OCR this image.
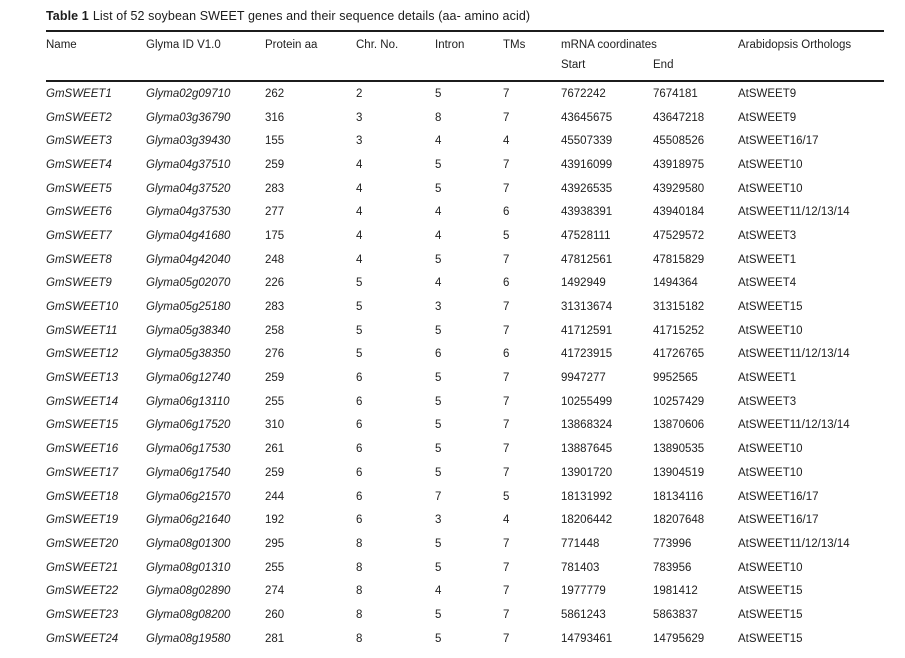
Table 1 List of 52 soybean SWEET genes and their sequence details (aa- amino acid)
Name	Glyma ID V1.0	Protein aa	Chr. No.	Intron	TMs	mRNA coordinates		Arabidopsis Orthologs
						Start	End	
GmSWEET1	Glyma02g09710	262	2	5	7	7672242	7674181	AtSWEET9
GmSWEET2	Glyma03g36790	316	3	8	7	43645675	43647218	AtSWEET9
GmSWEET3	Glyma03g39430	155	3	4	4	45507339	45508526	AtSWEET16/17
GmSWEET4	Glyma04g37510	259	4	5	7	43916099	43918975	AtSWEET10
GmSWEET5	Glyma04g37520	283	4	5	7	43926535	43929580	AtSWEET10
GmSWEET6	Glyma04g37530	277	4	4	6	43938391	43940184	AtSWEET11/12/13/14
GmSWEET7	Glyma04g41680	175	4	4	5	47528111	47529572	AtSWEET3
GmSWEET8	Glyma04g42040	248	4	5	7	47812561	47815829	AtSWEET1
GmSWEET9	Glyma05g02070	226	5	4	6	1492949	1494364	AtSWEET4
GmSWEET10	Glyma05g25180	283	5	3	7	31313674	31315182	AtSWEET15
GmSWEET11	Glyma05g38340	258	5	5	7	41712591	41715252	AtSWEET10
GmSWEET12	Glyma05g38350	276	5	6	6	41723915	41726765	AtSWEET11/12/13/14
GmSWEET13	Glyma06g12740	259	6	5	7	9947277	9952565	AtSWEET1
GmSWEET14	Glyma06g13110	255	6	5	7	10255499	10257429	AtSWEET3
GmSWEET15	Glyma06g17520	310	6	5	7	13868324	13870606	AtSWEET11/12/13/14
GmSWEET16	Glyma06g17530	261	6	5	7	13887645	13890535	AtSWEET10
GmSWEET17	Glyma06g17540	259	6	5	7	13901720	13904519	AtSWEET10
GmSWEET18	Glyma06g21570	244	6	7	5	18131992	18134116	AtSWEET16/17
GmSWEET19	Glyma06g21640	192	6	3	4	18206442	18207648	AtSWEET16/17
GmSWEET20	Glyma08g01300	295	8	5	7	771448	773996	AtSWEET11/12/13/14
GmSWEET21	Glyma08g01310	255	8	5	7	781403	783956	AtSWEET10
GmSWEET22	Glyma08g02890	274	8	4	7	1977779	1981412	AtSWEET15
GmSWEET23	Glyma08g08200	260	8	5	7	5861243	5863837	AtSWEET15
GmSWEET24	Glyma08g19580	281	8	5	7	14793461	14795629	AtSWEET15
